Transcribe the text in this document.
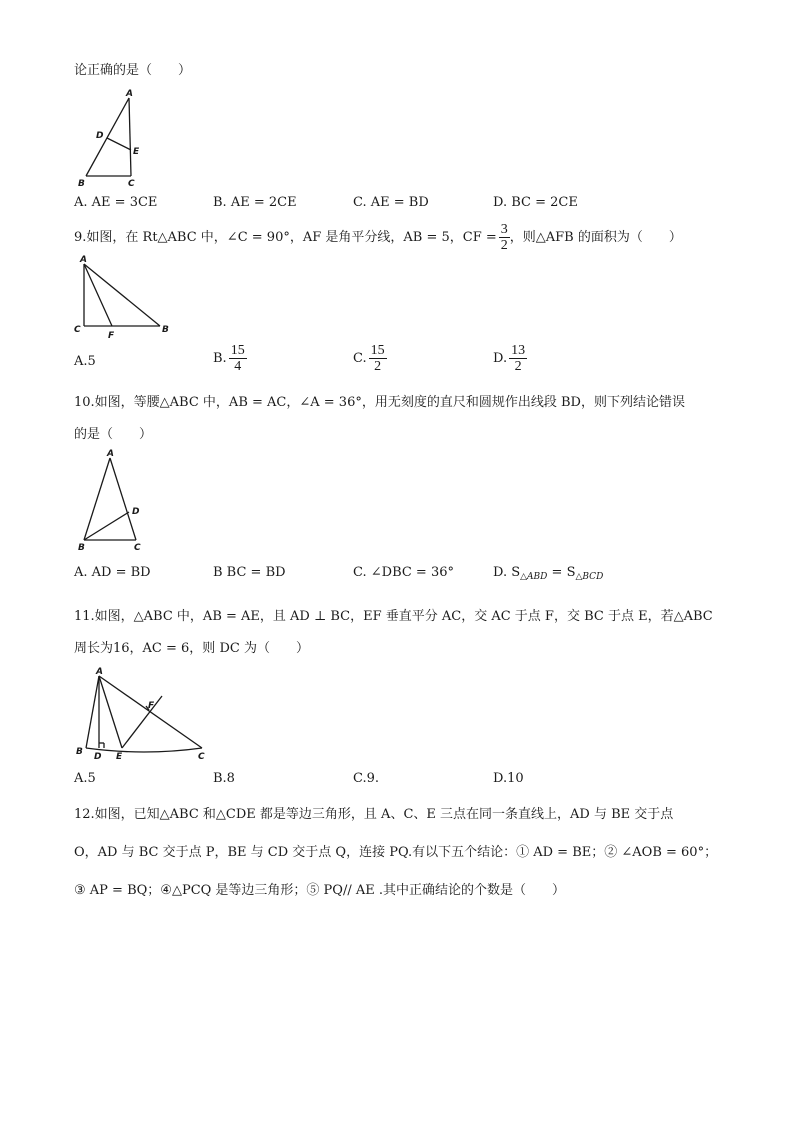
论正确的是（　　）
A
D
E
B	C
A. AE = 3CE	B. AE = 2CE	C. AE = BD	D. BC = 2CE
9.如图，在 Rt△ABC 中，∠C = 90°，AF 是角平分线，AB = 5，CF = $\frac{3}{2}$ ，则△AFB 的面积为（　　）
A
C
F
B
A.5	B. $\frac{15}{4}$	C. $\frac{15}{2}$	D. $\frac{13}{2}$
10.如图，等腰△ABC 中，AB = AC，∠A = 36°，用无刻度的直尺和圆规作出线段 BD，则下列结论错误
的是（　　）
A
D
B	C
A. AD = BD	B BC = BD	C. ∠DBC = 36°	D. $S_{\triangle ABD} = S_{\triangle BCD}$
11.如图，△ABC 中，AB = AE，且 AD ⊥ BC，EF 垂直平分 AC，交 AC 于点 F，交 BC 于点 E，若△ABC
周长为16，AC = 6，则 DC 为（　　）
A
F
B D E	C
A.5	B.8	C.9.	D.10
12.如图，已知△ABC 和△CDE 都是等边三角形，且 A、C、E 三点在同一条直线上，AD 与 BE 交于点
O，AD 与 BC 交于点 P，BE 与 CD 交于点 Q，连接 PQ.有以下五个结论：① AD = BE；② ∠AOB = 60°；
③ AP = BQ；④△PCQ 是等边三角形；⑤ PQ// AE .其中正确结论的个数是（　　）
